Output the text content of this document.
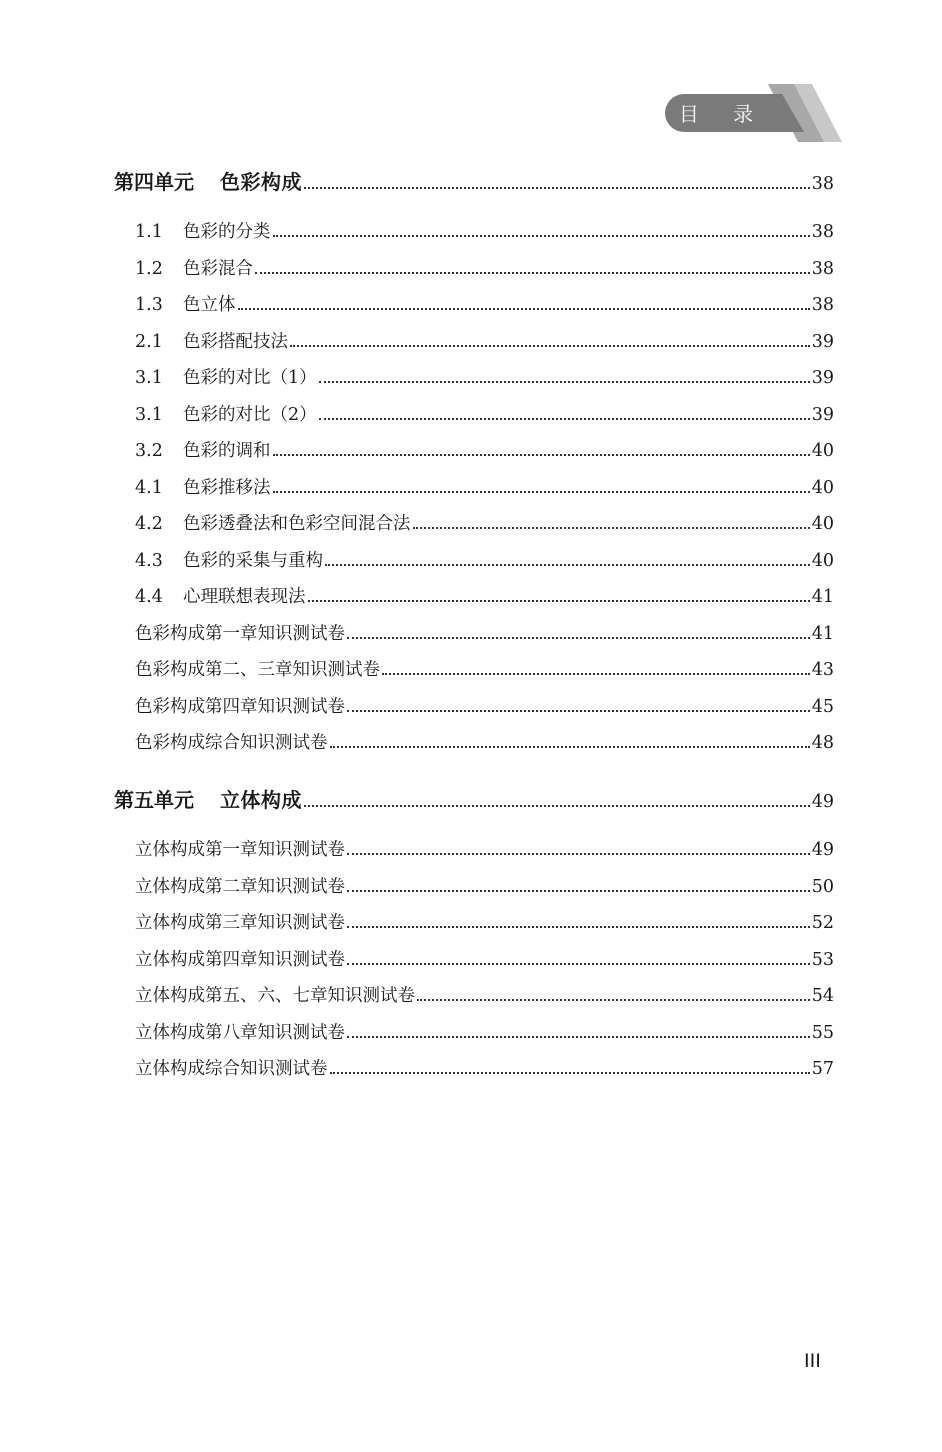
目 录
第四单元 色彩构成	38
1.1	色彩的分类	38
1.2	色彩混合	38
1.3	色立体	38
2.1	色彩搭配技法	39
3.1	色彩的对比（1）	39
3.1	色彩的对比（2）	39
3.2	色彩的调和	40
4.1	色彩推移法	40
4.2	色彩透叠法和色彩空间混合法	40
4.3	色彩的采集与重构	40
4.4	心理联想表现法	41
色彩构成第一章知识测试卷	41
色彩构成第二、三章知识测试卷	43
色彩构成第四章知识测试卷	45
色彩构成综合知识测试卷	48
第五单元 立体构成	49
立体构成第一章知识测试卷	49
立体构成第二章知识测试卷	50
立体构成第三章知识测试卷	52
立体构成第四章知识测试卷	53
立体构成第五、六、七章知识测试卷	54
立体构成第八章知识测试卷	55
立体构成综合知识测试卷	57
III
